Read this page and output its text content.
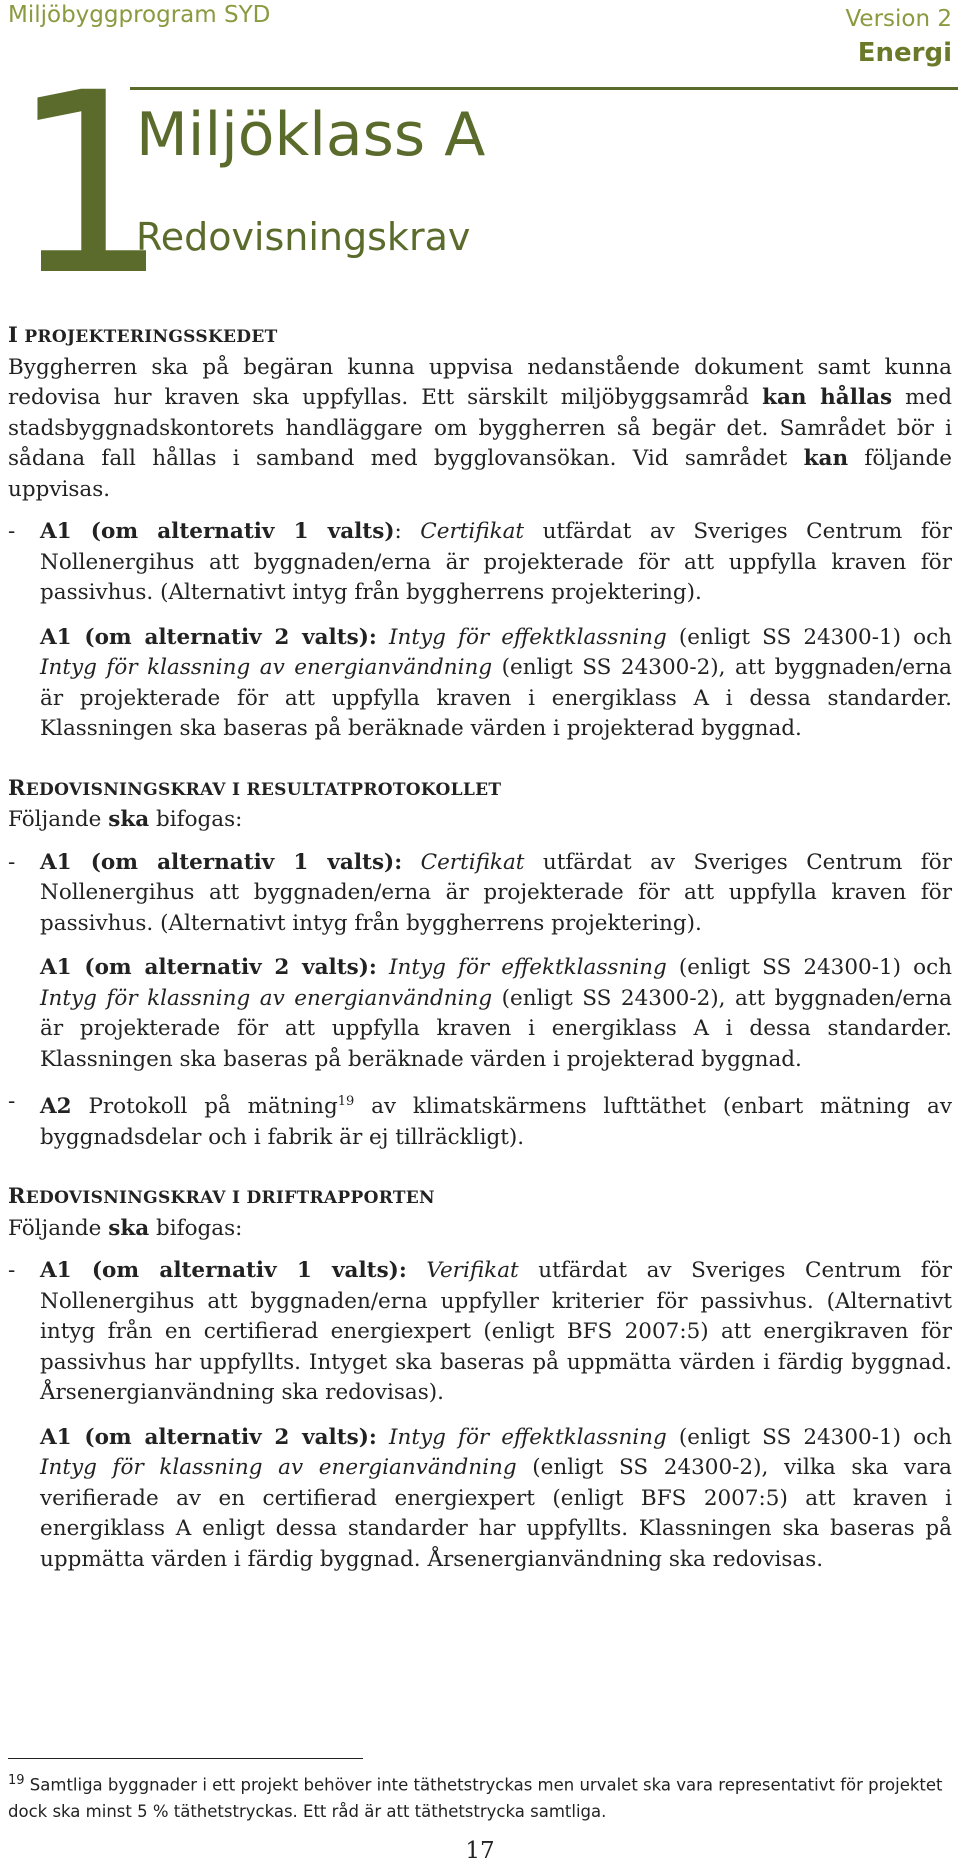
Miljöbyggprogram SYD	Version 2
Energi
1
Miljöklass A
Redovisningskrav
I PROJEKTERINGSSKEDET

Byggherren ska på begäran kunna uppvisa nedanstående dokument samt kunna redovisa hur kraven ska uppfyllas. Ett särskilt miljöbyggsamråd kan hållas med stadsbyggnadskontorets handläggare om byggherren så begär det. Samrådet bör i sådana fall hållas i samband med bygglovansökan. Vid samrådet kan följande uppvisas.

- A1 (om alternativ 1 valts): Certifikat utfärdat av Sveriges Centrum för Nollenergihus att byggnaden/erna är projekterade för att uppfylla kraven för passivhus. (Alternativt intyg från byggherrens projektering).

A1 (om alternativ 2 valts): Intyg för effektklassning (enligt SS 24300-1) och Intyg för klassning av energianvändning (enligt SS 24300-2), att byggnaden/erna är projekterade för att uppfylla kraven i energiklass A i dessa standarder. Klassningen ska baseras på beräknade värden i projekterad byggnad.

REDOVISNINGSKRAV I RESULTATPROTOKOLLET

Följande ska bifogas:

- A1 (om alternativ 1 valts): Certifikat utfärdat av Sveriges Centrum för Nollenergihus att byggnaden/erna är projekterade för att uppfylla kraven för passivhus. (Alternativt intyg från byggherrens projektering).

A1 (om alternativ 2 valts): Intyg för effektklassning (enligt SS 24300-1) och Intyg för klassning av energianvändning (enligt SS 24300-2), att byggnaden/erna är projekterade för att uppfylla kraven i energiklass A i dessa standarder. Klassningen ska baseras på beräknade värden i projekterad byggnad.

- A2 Protokoll på mätning$^{19}$ av klimatskärmens lufttäthet (enbart mätning av byggnadsdelar och i fabrik är ej tillräckligt).

REDOVISNINGSKRAV I DRIFTRAPPORTEN

Följande ska bifogas:

- A1 (om alternativ 1 valts): Verifikat utfärdat av Sveriges Centrum för Nollenergihus att byggnaden/erna uppfyller kriterier för passivhus. (Alternativt intyg från en certifierad energiexpert (enligt BFS 2007:5) att energikraven för passivhus har uppfyllts. Intyget ska baseras på uppmätta värden i färdig byggnad. Årsenergianvändning ska redovisas).

A1 (om alternativ 2 valts): Intyg för effektklassning (enligt SS 24300-1) och Intyg för klassning av energianvändning (enligt SS 24300-2), vilka ska vara verifierade av en certifierad energiexpert (enligt BFS 2007:5) att kraven i energiklass A enligt dessa standarder har uppfyllts. Klassningen ska baseras på uppmätta värden i färdig byggnad. Årsenergianvändning ska redovisas.

$^{19}$ Samtliga byggnader i ett projekt behöver inte täthetstryckas men urvalet ska vara representativt för projektet dock ska minst 5 % täthetstryckas. Ett råd är att täthetstrycka samtliga.
17
